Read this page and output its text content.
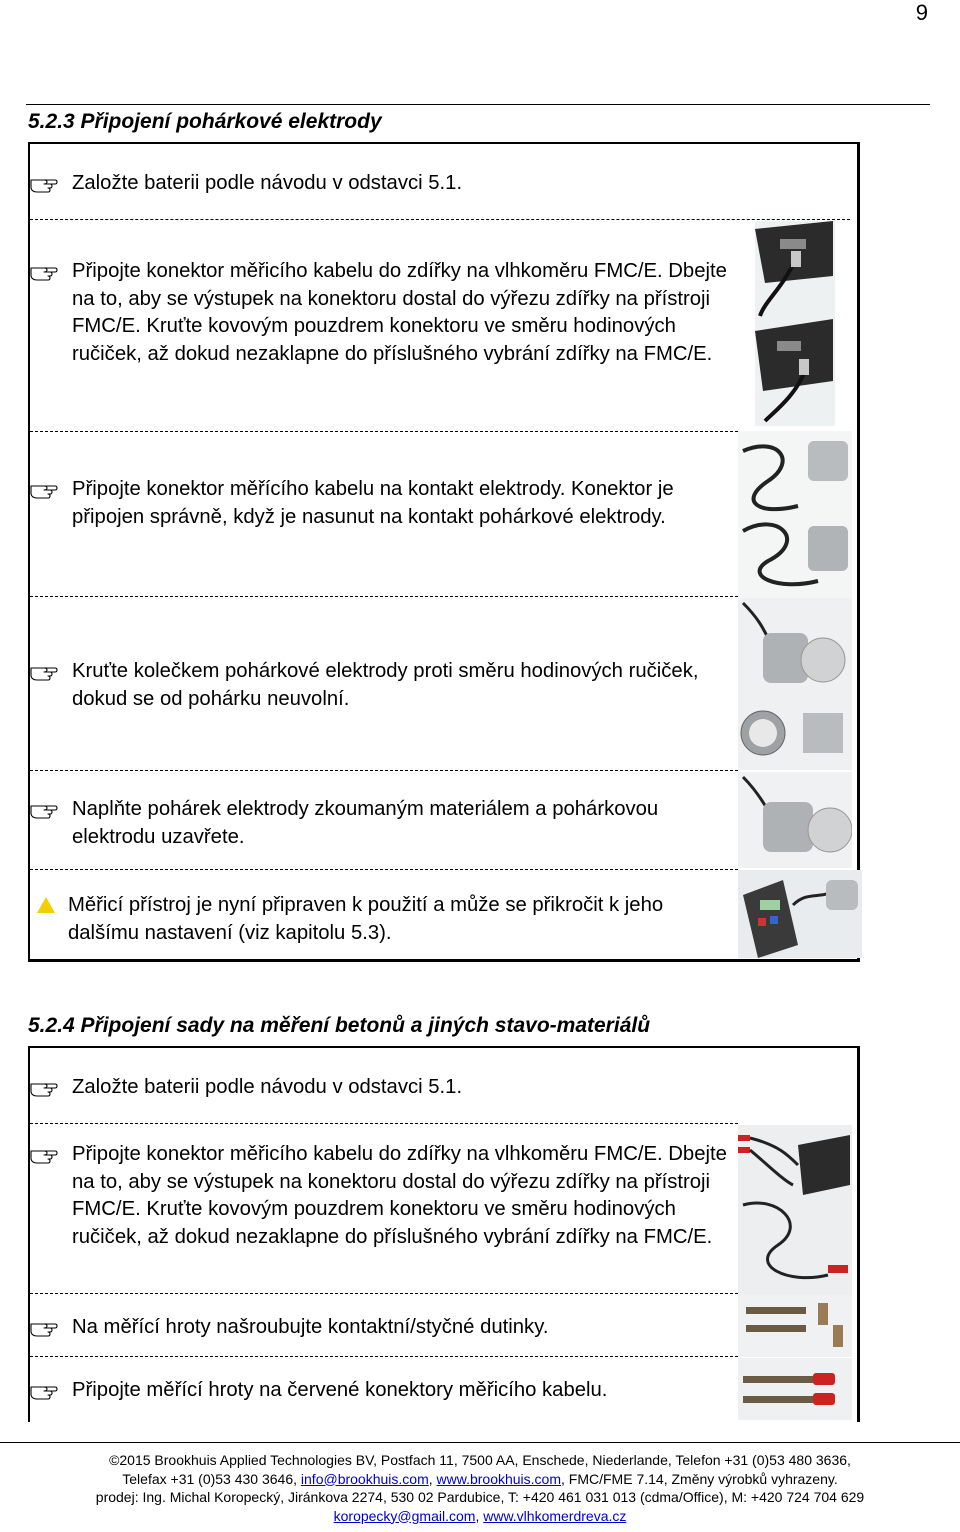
9
5.2.3 Připojení pohárkové elektrody
Založte baterii podle návodu v odstavci 5.1.
Připojte konektor měřicího kabelu do zdířky na vlhkoměru FMC/E. Dbejte na to, aby se výstupek na konektoru dostal do výřezu zdířky na přístroji FMC/E. Kruťte kovovým pouzdrem konektoru ve směru hodinových ručiček, až dokud nezaklapne do příslušného vybrání zdířky na FMC/E.
Připojte konektor měřícího kabelu na kontakt elektrody. Konektor je připojen správně, když je nasunut na kontakt pohárkové elektrody.
Kruťte kolečkem pohárkové elektrody proti směru hodinových ručiček, dokud se od pohárku neuvolní.
Naplňte pohárek elektrody zkoumaným materiálem a pohárkovou elektrodu uzavřete.
Měřicí přístroj je nyní připraven k použití a může se přikročit k jeho dalšímu nastavení (viz kapitolu 5.3).
5.2.4 Připojení sady na měření betonů a jiných stavo-materiálů
Založte baterii podle návodu v odstavci 5.1.
Připojte konektor měřicího kabelu do zdířky na vlhkoměru FMC/E. Dbejte na to, aby se výstupek na konektoru dostal do výřezu zdířky na přístroji FMC/E. Kruťte kovovým pouzdrem konektoru ve směru hodinových ručiček, až dokud nezaklapne do příslušného vybrání zdířky na FMC/E.
Na měřící hroty našroubujte kontaktní/styčné dutinky.
Připojte měřící hroty na červené konektory měřicího kabelu.
©2015 Brookhuis Applied Technologies BV, Postfach 11, 7500 AA, Enschede, Niederlande, Telefon +31 (0)53 480 3636,
Telefax +31 (0)53 430 3646, info@brookhuis.com, www.brookhuis.com, FMC/FME 7.14, Změny výrobků vyhrazeny.
prodej: Ing. Michal Koropecký, Jiránkova 2274, 530 02 Pardubice, T: +420 461 031 013 (cdma/Office), M: +420 724 704 629
koropecky@gmail.com, www.vlhkomerdreva.cz
